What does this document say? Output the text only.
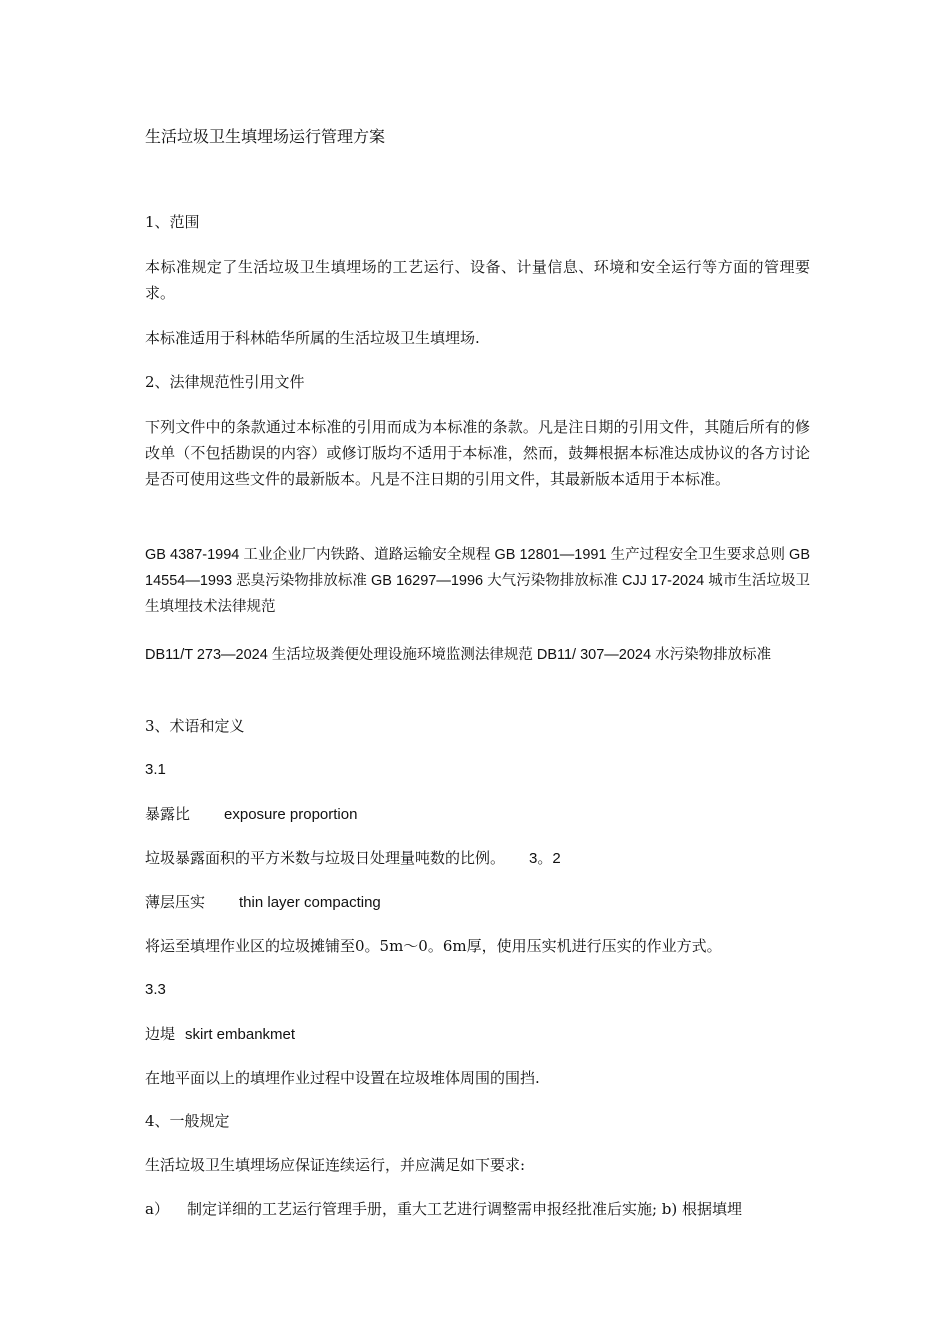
生活垃圾卫生填埋场运行管理方案
1、范围
本标准规定了生活垃圾卫生填埋场的工艺运行、设备、计量信息、环境和安全运行等方面的管理要求。
本标准适用于科林皓华所属的生活垃圾卫生填埋场.
2、法律规范性引用文件
下列文件中的条款通过本标准的引用而成为本标准的条款。凡是注日期的引用文件，其随后所有的修改单（不包括勘误的内容）或修订版均不适用于本标准，然而，鼓舞根据本标准达成协议的各方讨论是否可使用这些文件的最新版本。凡是不注日期的引用文件，其最新版本适用于本标准。
GB 4387-1994 工业企业厂内铁路、道路运输安全规程 GB 12801—1991 生产过程安全卫生要求总则 GB 14554—1993 恶臭污染物排放标准 GB 16297—1996 大气污染物排放标准 CJJ 17-2024 城市生活垃圾卫生填埋技术法律规范
DB11/T 273—2024 生活垃圾粪便处理设施环境监测法律规范 DB11/ 307—2024 水污染物排放标准
3、术语和定义
3.1
暴露比 exposure proportion
垃圾暴露面积的平方米数与垃圾日处理量吨数的比例。 3。2
薄层压实 thin layer compacting
将运至填埋作业区的垃圾摊铺至0。5m～0。6m厚，使用压实机进行压实的作业方式。
3.3
边堤 skirt embankmet
在地平面以上的填埋作业过程中设置在垃圾堆体周围的围挡.
4、一般规定
生活垃圾卫生填埋场应保证连续运行，并应满足如下要求:
a） 制定详细的工艺运行管理手册，重大工艺进行调整需申报经批准后实施; b) 根据填埋
